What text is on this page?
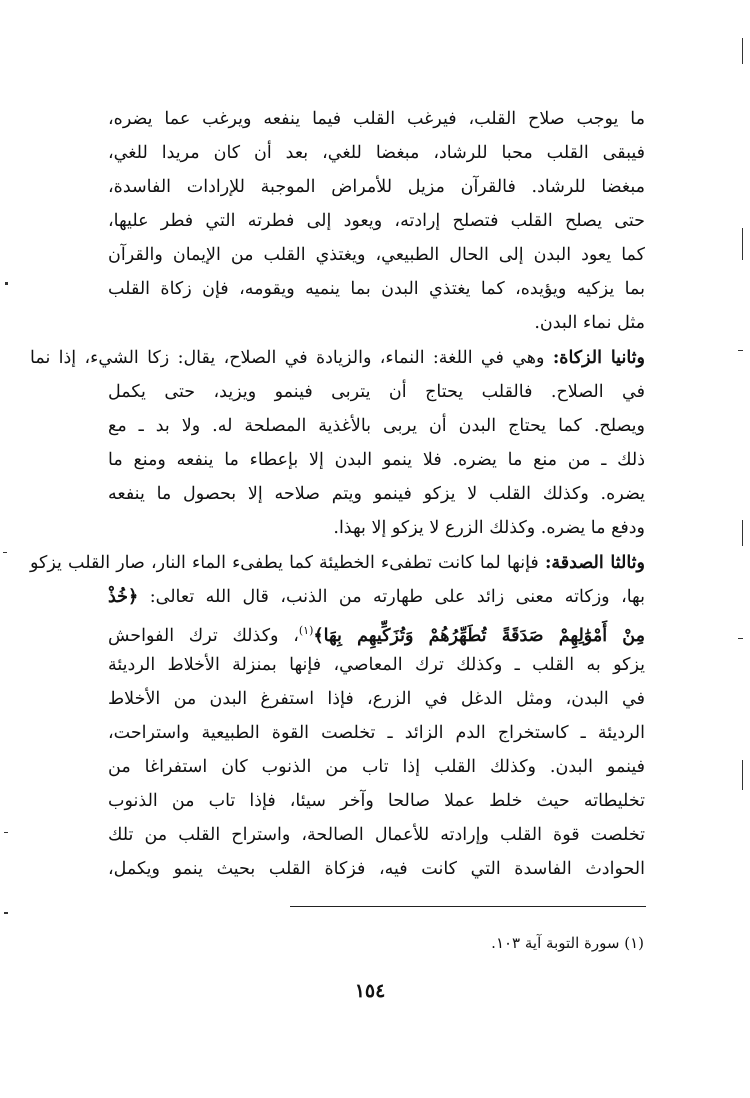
ما يوجب صلاح القلب، فيرغب القلب فيما ينفعه ويرغب عما يضره،
فيبقى القلب محبا للرشاد، مبغضا للغي، بعد أن كان مريدا للغي،
مبغضا للرشاد. فالقرآن مزيل للأمراض الموجبة للإرادات الفاسدة،
حتى يصلح القلب فتصلح إرادته، ويعود إلى فطرته التي فطر عليها،
كما يعود البدن إلى الحال الطبيعي، ويغتذي القلب من الإيمان والقرآن
بما يزكيه ويؤيده، كما يغتذي البدن بما ينميه ويقومه، فإن زكاة القلب
مثل نماء البدن.
وثانيا الزكاة: وهي في اللغة: النماء، والزيادة في الصلاح، يقال: زكا الشيء، إذا نما
في الصلاح. فالقلب يحتاج أن يتربى فينمو ويزيد، حتى يكمل
ويصلح. كما يحتاج البدن أن يربى بالأغذية المصلحة له. ولا بد ـ مع
ذلك ـ من منع ما يضره. فلا ينمو البدن إلا بإعطاء ما ينفعه ومنع ما
يضره. وكذلك القلب لا يزكو فينمو ويتم صلاحه إلا بحصول ما ينفعه
ودفع ما يضره. وكذلك الزرع لا يزكو إلا بهذا.
وثالثا الصدقة: فإنها لما كانت تطفىء الخطيئة كما يطفىء الماء النار، صار القلب يزكو
بها، وزكاته معنى زائد على طهارته من الذنب، قال الله تعالى: ﴿خُذْ
مِنْ أَمْوَٰلِهِمْ صَدَقَةً تُطَهِّرُهُمْ وَتُزَكِّيهِم بِهَا﴾$^{(١)}$، وكذلك ترك الفواحش
يزكو به القلب ـ وكذلك ترك المعاصي، فإنها بمنزلة الأخلاط الرديئة
في البدن، ومثل الدغل في الزرع، فإذا استفرغ البدن من الأخلاط
الرديئة ـ كاستخراج الدم الزائد ـ تخلصت القوة الطبيعية واستراحت،
فينمو البدن. وكذلك القلب إذا تاب من الذنوب كان استفراغا من
تخليطاته حيث خلط عملا صالحا وآخر سيئا، فإذا تاب من الذنوب
تخلصت قوة القلب وإرادته للأعمال الصالحة، واستراح القلب من تلك
الحوادث الفاسدة التي كانت فيه، فزكاة القلب بحيث ينمو ويكمل،
(١) سورة التوبة آية ١٠٣.
١٥٤
